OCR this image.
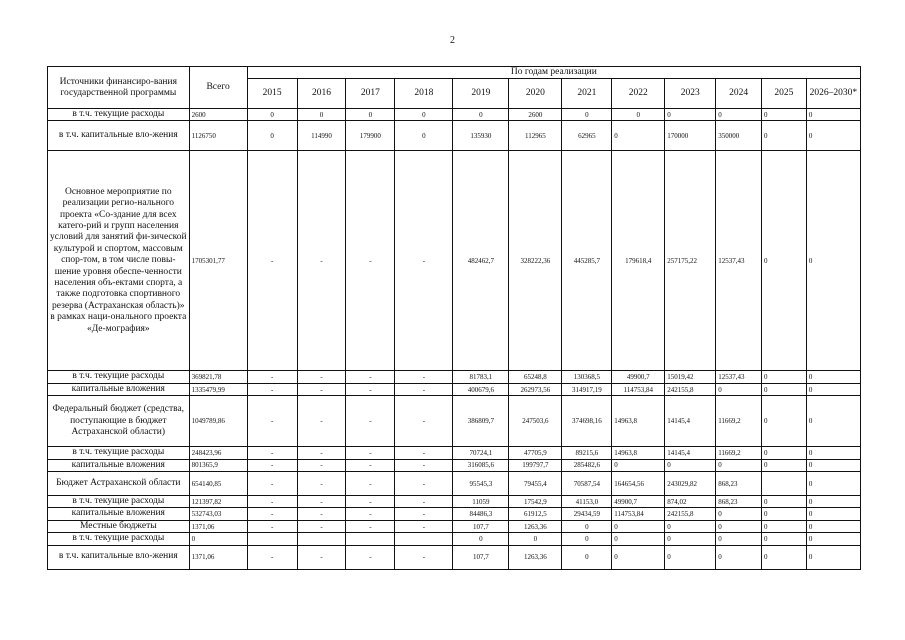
2
Источники финансиро-вания государственной программы	Всего	По годам реализации											
		2015	2016	2017	2018	2019	2020	2021	2022	2023	2024	2025	2026–2030*
в т.ч. текущие расходы	2600	0	0	0	0	0	2600	0	0	0	0	0	0
в т.ч. капитальные вло-жения	1126750	0	114990	179900	0	135930	112965	62965	0	170000	350000	0	0
Основное мероприятие по реализации регио-нального проекта «Со-здание для всех катего-рий и групп населения условий для занятий фи-зической культурой и спортом, массовым спор-том, в том числе повы-шение уровня обеспе-ченности населения объ-ектами спорта, а также подготовка спортивного резерва (Астраханская область)» в рамках наци-онального проекта «Де-мография»	1705301,77	-	-	-	-	482462,7	328222,36	445285,7	179618,4	257175,22	12537,43	0	0
в т.ч. текущие расходы	369821,78	-	-	-	-	81783,1	65248,8	130368,5	49900,7	15019,42	12537,43	0	0
капитальные вложения	1335479,99	-	-	-	-	400679,6	262973,56	314917,19	114753,84	242155,8	0	0	0
Федеральный бюджет (средства, поступающие в бюджет Астраханской области)	1049789,86	-	-	-	-	386809,7	247503,6	374698,16	14963,8	14145,4	11669,2	0	0
в т.ч. текущие расходы	248423,96	-	-	-	-	70724,1	47705,9	89215,6	14963,8	14145,4	11669,2	0	0
капитальные вложения	801365,9	-	-	-	-	316085,6	199797,7	285482,6	0	0	0	0	0
Бюджет Астраханской области	654140,85	-	-	-	-	95545,3	79455,4	70587,54	164654,56	243029,82	868,23		0
в т.ч. текущие расходы	121397,82	-	-	-	-	11059	17542,9	41153,0	49900,7	874,02	868,23	0	0
капитальные вложения	532743,03	-	-	-	-	84486,3	61912,5	29434,59	114753,84	242155,8	0	0	0
Местные бюджеты	1371,06	-	-	-	-	107,7	1263,36	0	0	0	0	0	0
в т.ч. текущие расходы	0					0	0	0	0	0	0	0	0
в т.ч. капитальные вло-жения	1371,06	-	-	-	-	107,7	1263,36	0	0	0	0	0	0
